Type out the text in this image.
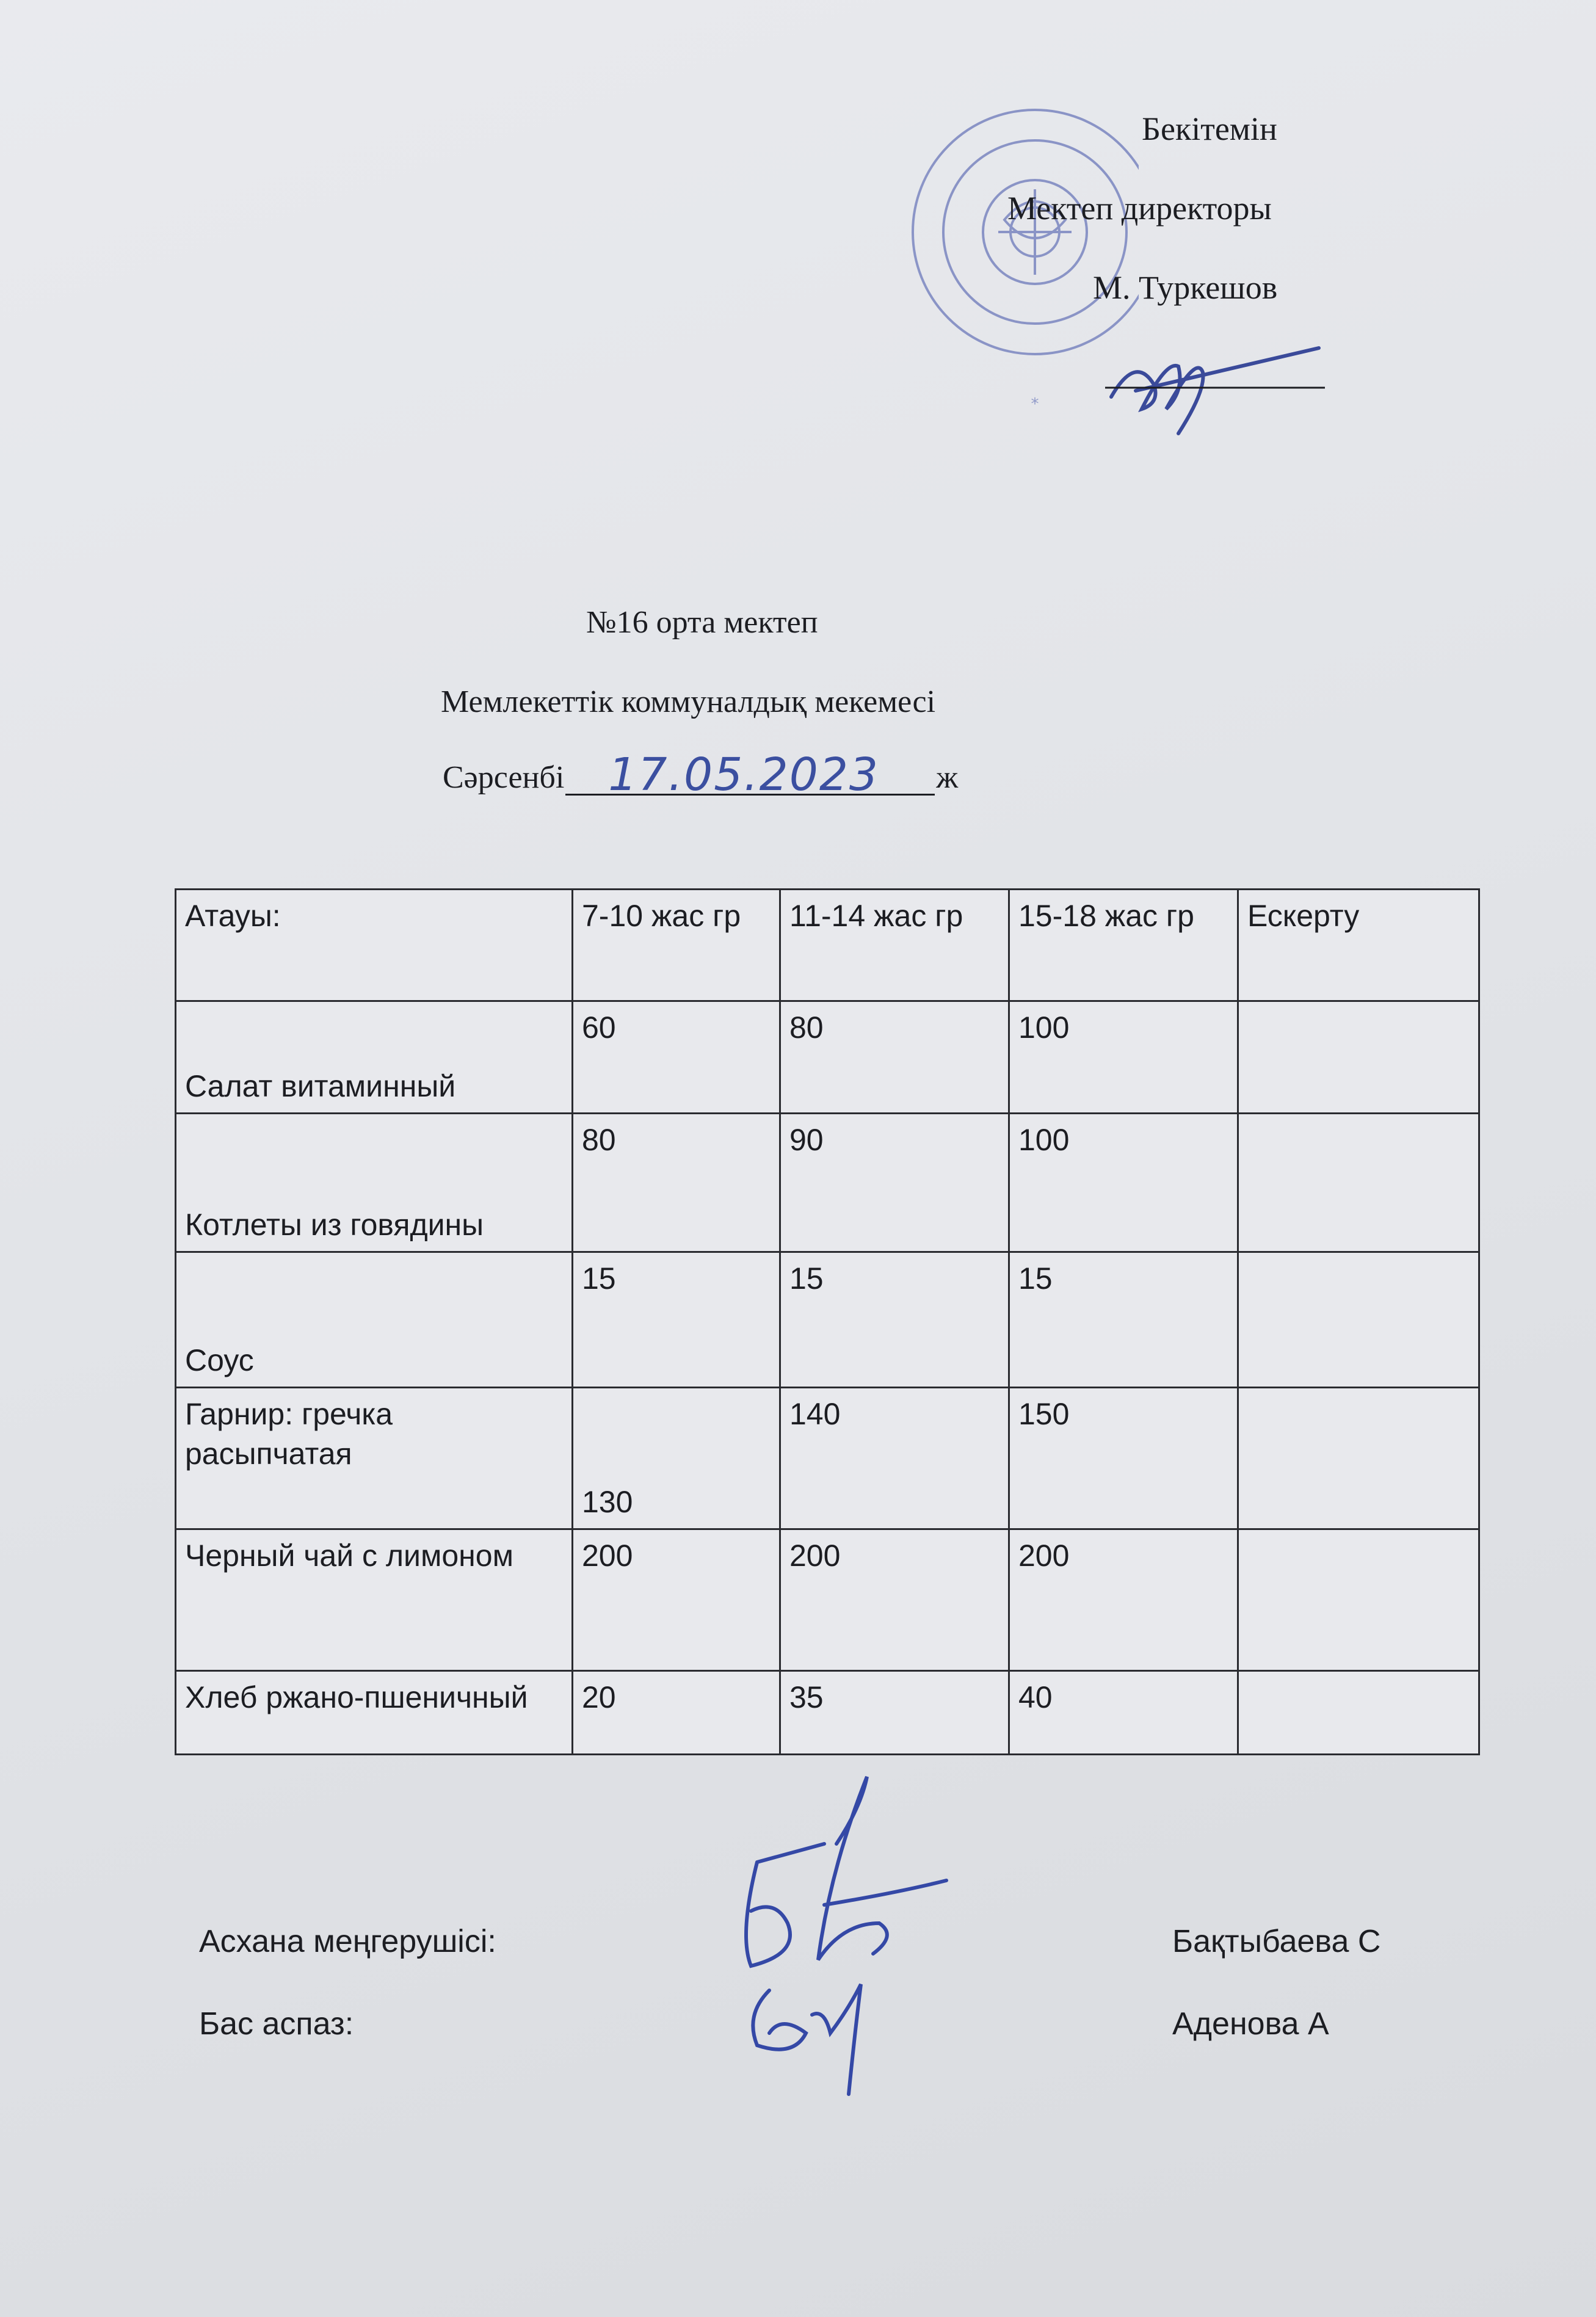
*
Бекітемін
Мектеп директоры
М. Туркешов
№16 орта мектеп
Мемлекеттік коммуналдық мекемесі
Сәрсенбі 17.05.2023 ж
Атауы:	7-10 жас гр	11-14 жас гр	15-18 жас гр	Ескерту
Салат витаминный	60	80	100	
Котлеты из говядины	80	90	100	
Соус	15	15	15	
Гарнир: гречка расыпчатая	130	140	150	
Черный чай с лимоном	200	200	200	
Хлеб ржано-пшеничный	20	35	40	
Асхана меңгерушісі:	Бақтыбаева С
Бас аспаз:	Аденова А
